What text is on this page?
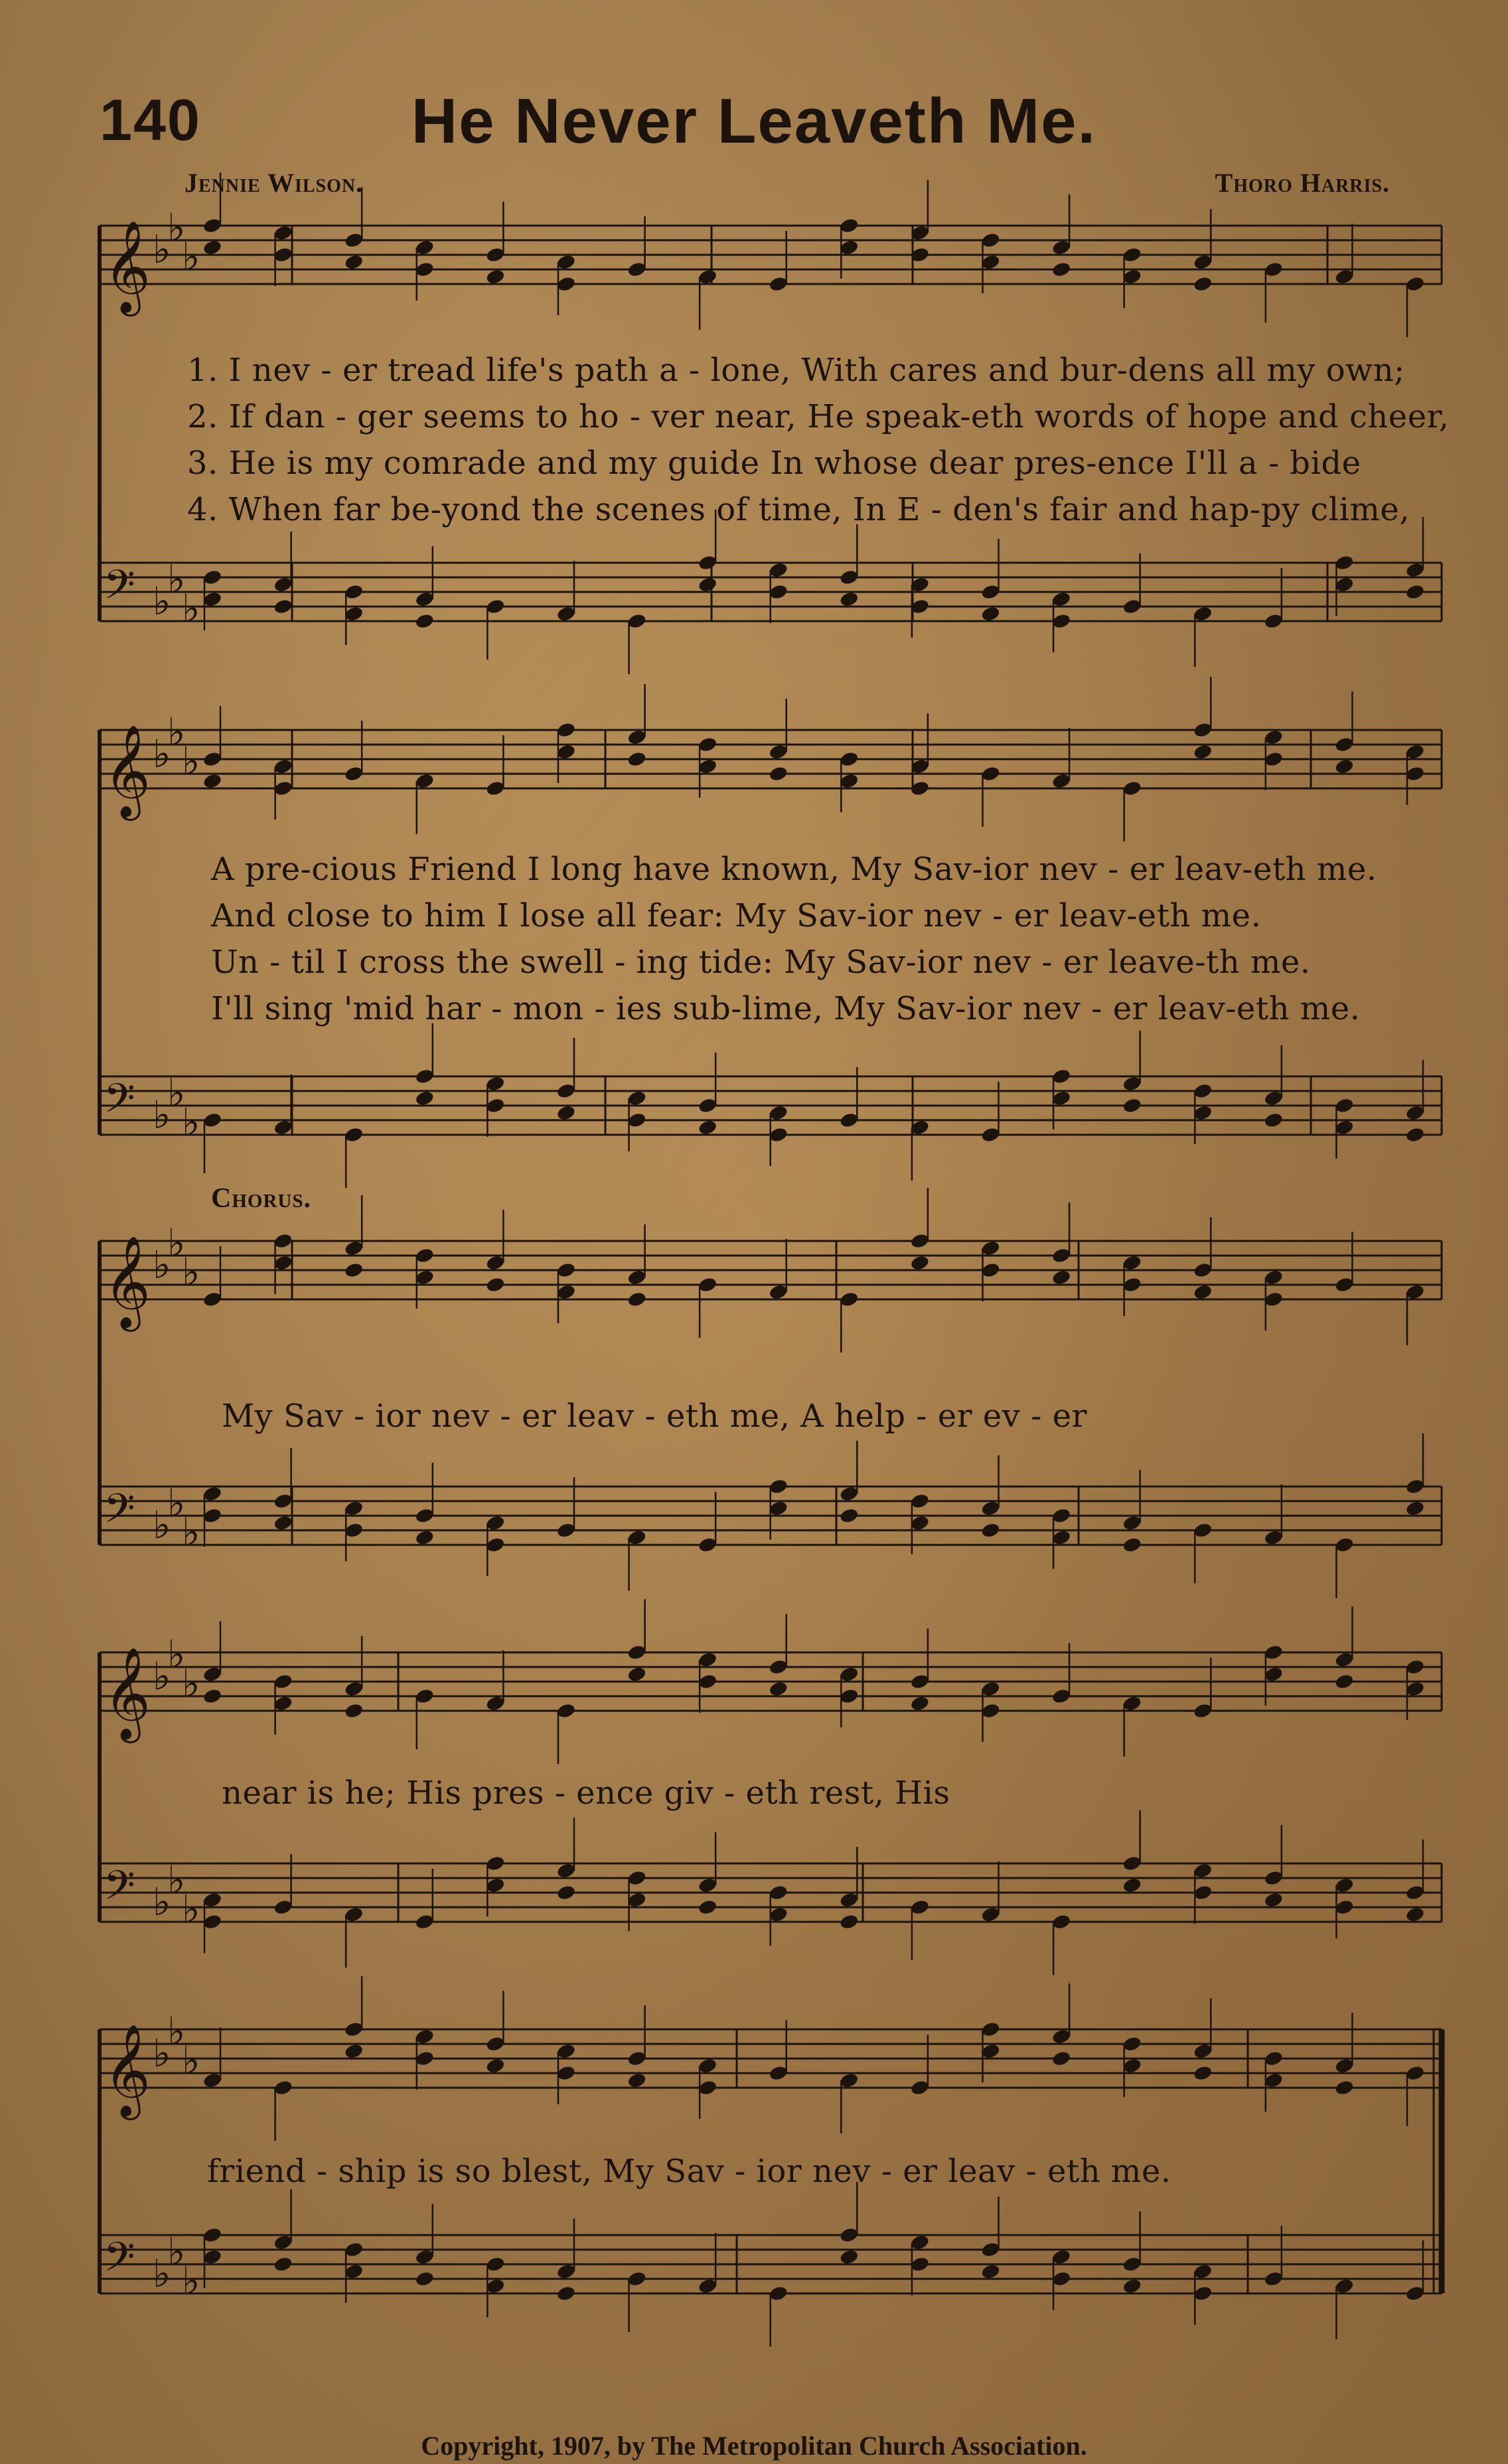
140	He Never Leaveth Me.
Jennie Wilson.	Thoro Harris.
𝄞 ♭
♭
♭
𝄢 ♭
♭
♭
𝄞 ♭
♭
♭
𝄢 ♭
♭
♭
𝄞 ♭
♭
♭
𝄢 ♭
♭
♭
𝄞 ♭
♭
♭
𝄢 ♭
♭
♭
𝄞 ♭
♭
♭
𝄢 ♭
♭
♭
1. I nev - er tread life's path a - lone, With cares and bur-dens all my own;
2. If dan - ger seems to ho - ver near, He speak-eth words of hope and cheer,
3. He is my comrade and my guide In whose dear pres-ence I'll a - bide
4. When far be-yond the scenes of time, In E - den's fair and hap-py clime,
A pre-cious Friend I long have known, My Sav-ior nev - er leav-eth me.
And close to him I lose all fear: My Sav-ior nev - er leav-eth me.
Un - til I cross the swell - ing tide: My Sav-ior nev - er leave-th me.
I'll sing 'mid har - mon - ies sub-lime, My Sav-ior nev - er leav-eth me.
Chorus.
My Sav - ior nev - er leav - eth me, A help - er ev - er
near is he; His pres - ence giv - eth rest, His
friend - ship is so blest, My Sav - ior nev - er leav - eth me.
Copyright, 1907, by The Metropolitan Church Association.
